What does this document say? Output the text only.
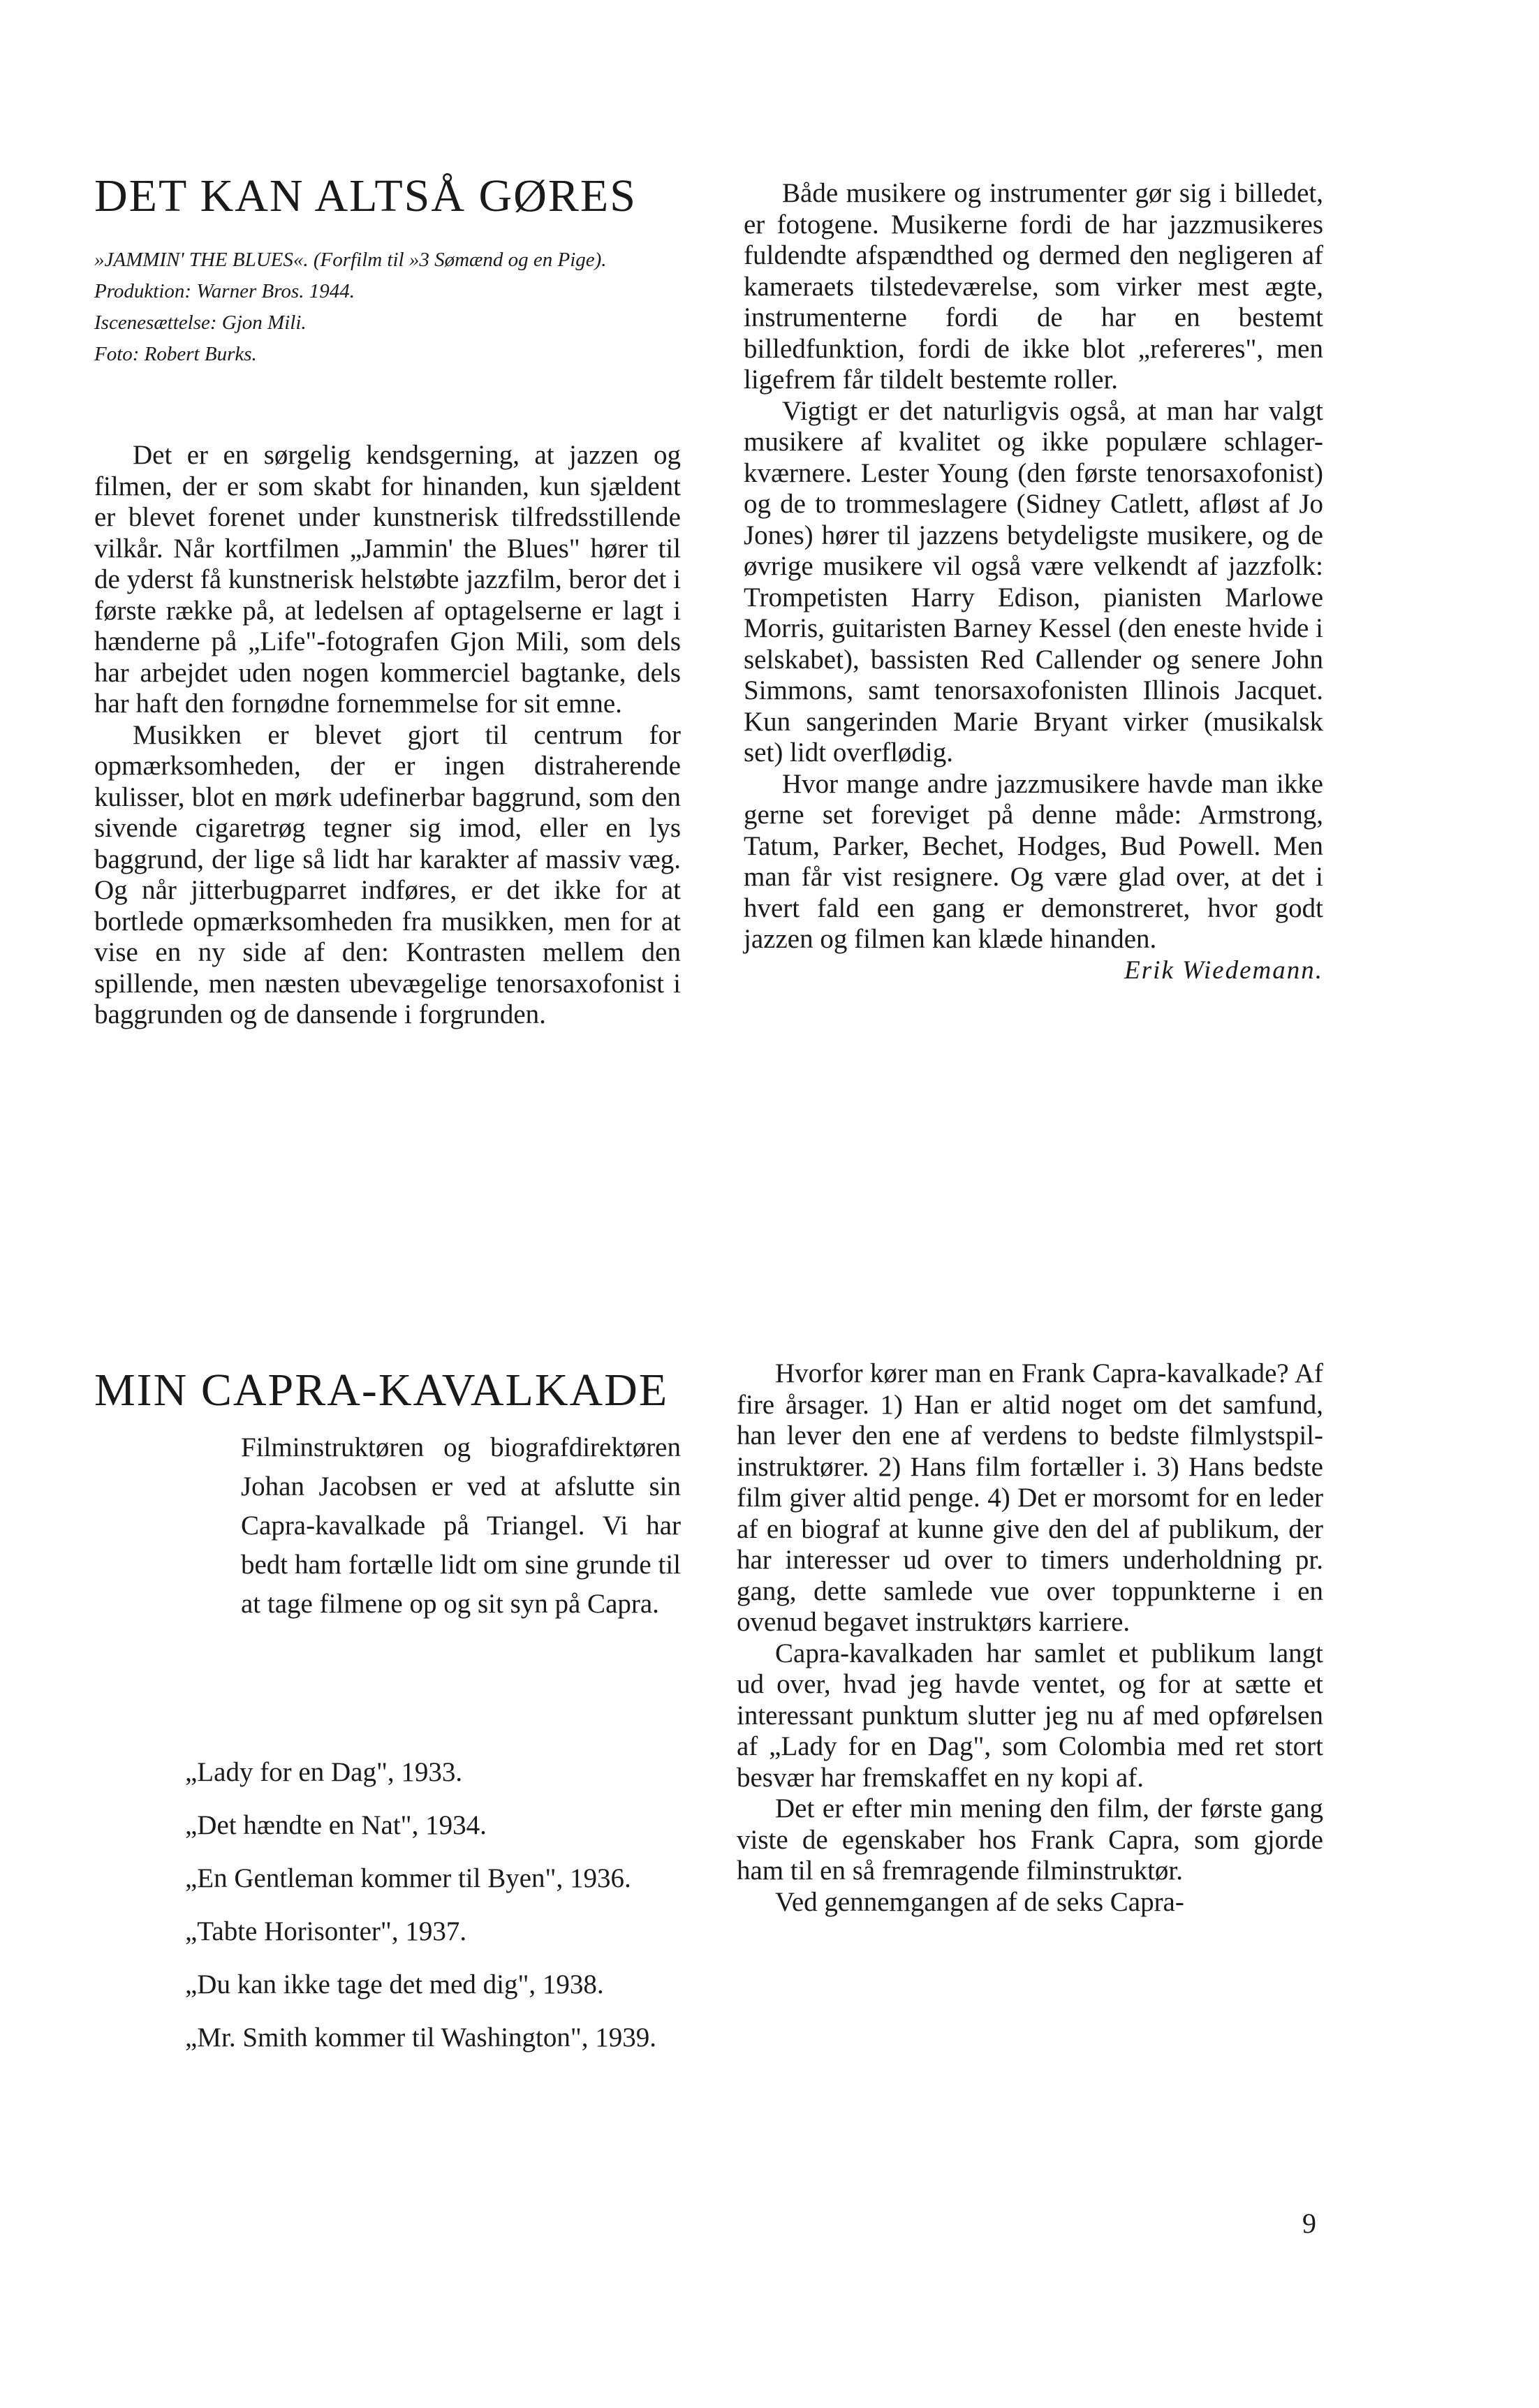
DET KAN ALTSÅ GØRES

»JAMMIN' THE BLUES«. (Forfilm til »3 Sømænd og en Pige).

Produktion: Warner Bros. 1944.

Iscenesættelse: Gjon Mili.

Foto: Robert Burks.

Det er en sørgelig kendsgerning, at jazzen og filmen, der er som skabt for hinanden, kun sjældent er blevet forenet under kunstnerisk tilfredsstillende vilkår. Når kortfilmen „Jammin' the Blues" hører til de yderst få kunstnerisk helstøbte jazzfilm, beror det i første række på, at ledelsen af optagelserne er lagt i hænderne på „Life"-fotografen Gjon Mili, som dels har arbejdet uden nogen kommerciel bagtanke, dels har haft den fornødne fornemmelse for sit emne.

Musikken er blevet gjort til centrum for opmærksomheden, der er ingen distraherende kulisser, blot en mørk udefinerbar baggrund, som den sivende cigaretrøg tegner sig imod, eller en lys baggrund, der lige så lidt har karakter af massiv væg. Og når jitterbugparret indføres, er det ikke for at bortlede opmærksomheden fra musikken, men for at vise en ny side af den: Kontrasten mellem den spillende, men næsten ubevægelige tenorsaxofonist i baggrunden og de dansende i forgrunden.

Både musikere og instrumenter gør sig i billedet, er fotogene. Musikerne fordi de har jazzmusikeres fuldendte afspændthed og dermed den negligeren af kameraets tilstedeværelse, som virker mest ægte, instrumenterne fordi de har en bestemt billedfunktion, fordi de ikke blot „refereres", men ligefrem får tildelt bestemte roller.

Vigtigt er det naturligvis også, at man har valgt musikere af kvalitet og ikke populære schlager-kværnere. Lester Young (den første tenorsaxofonist) og de to trommeslagere (Sidney Catlett, afløst af Jo Jones) hører til jazzens betydeligste musikere, og de øvrige musikere vil også være velkendt af jazzfolk: Trompetisten Harry Edison, pianisten Marlowe Morris, guitaristen Barney Kessel (den eneste hvide i selskabet), bassisten Red Callender og senere John Simmons, samt tenorsaxofonisten Illinois Jacquet. Kun sangerinden Marie Bryant virker (musikalsk set) lidt overflødig.

Hvor mange andre jazzmusikere havde man ikke gerne set foreviget på denne måde: Armstrong, Tatum, Parker, Bechet, Hodges, Bud Powell. Men man får vist resignere. Og være glad over, at det i hvert fald een gang er demonstreret, hvor godt jazzen og filmen kan klæde hinanden.

Erik Wiedemann.

MIN CAPRA-KAVALKADE

Filminstruktøren og biografdirektøren Johan Jacobsen er ved at afslutte sin Capra-kavalkade på Triangel. Vi har bedt ham fortælle lidt om sine grunde til at tage filmene op og sit syn på Capra.

„Lady for en Dag", 1933.

„Det hændte en Nat", 1934.

„En Gentleman kommer til Byen", 1936.

„Tabte Horisonter", 1937.

„Du kan ikke tage det med dig", 1938.

„Mr. Smith kommer til Washington", 1939.

Hvorfor kører man en Frank Capra-kavalkade? Af fire årsager. 1) Han er altid noget om det samfund, han lever den ene af verdens to bedste filmlystspil-instruktører. 2) Hans film fortæller i. 3) Hans bedste film giver altid penge. 4) Det er morsomt for en leder af en biograf at kunne give den del af publikum, der har interesser ud over to timers underholdning pr. gang, dette samlede vue over toppunkterne i en ovenud begavet instruktørs karriere.

Capra-kavalkaden har samlet et publikum langt ud over, hvad jeg havde ventet, og for at sætte et interessant punktum slutter jeg nu af med opførelsen af „Lady for en Dag", som Colombia med ret stort besvær har fremskaffet en ny kopi af.

Det er efter min mening den film, der første gang viste de egenskaber hos Frank Capra, som gjorde ham til en så fremragende filminstruktør.

Ved gennemgangen af de seks Capra-

9
